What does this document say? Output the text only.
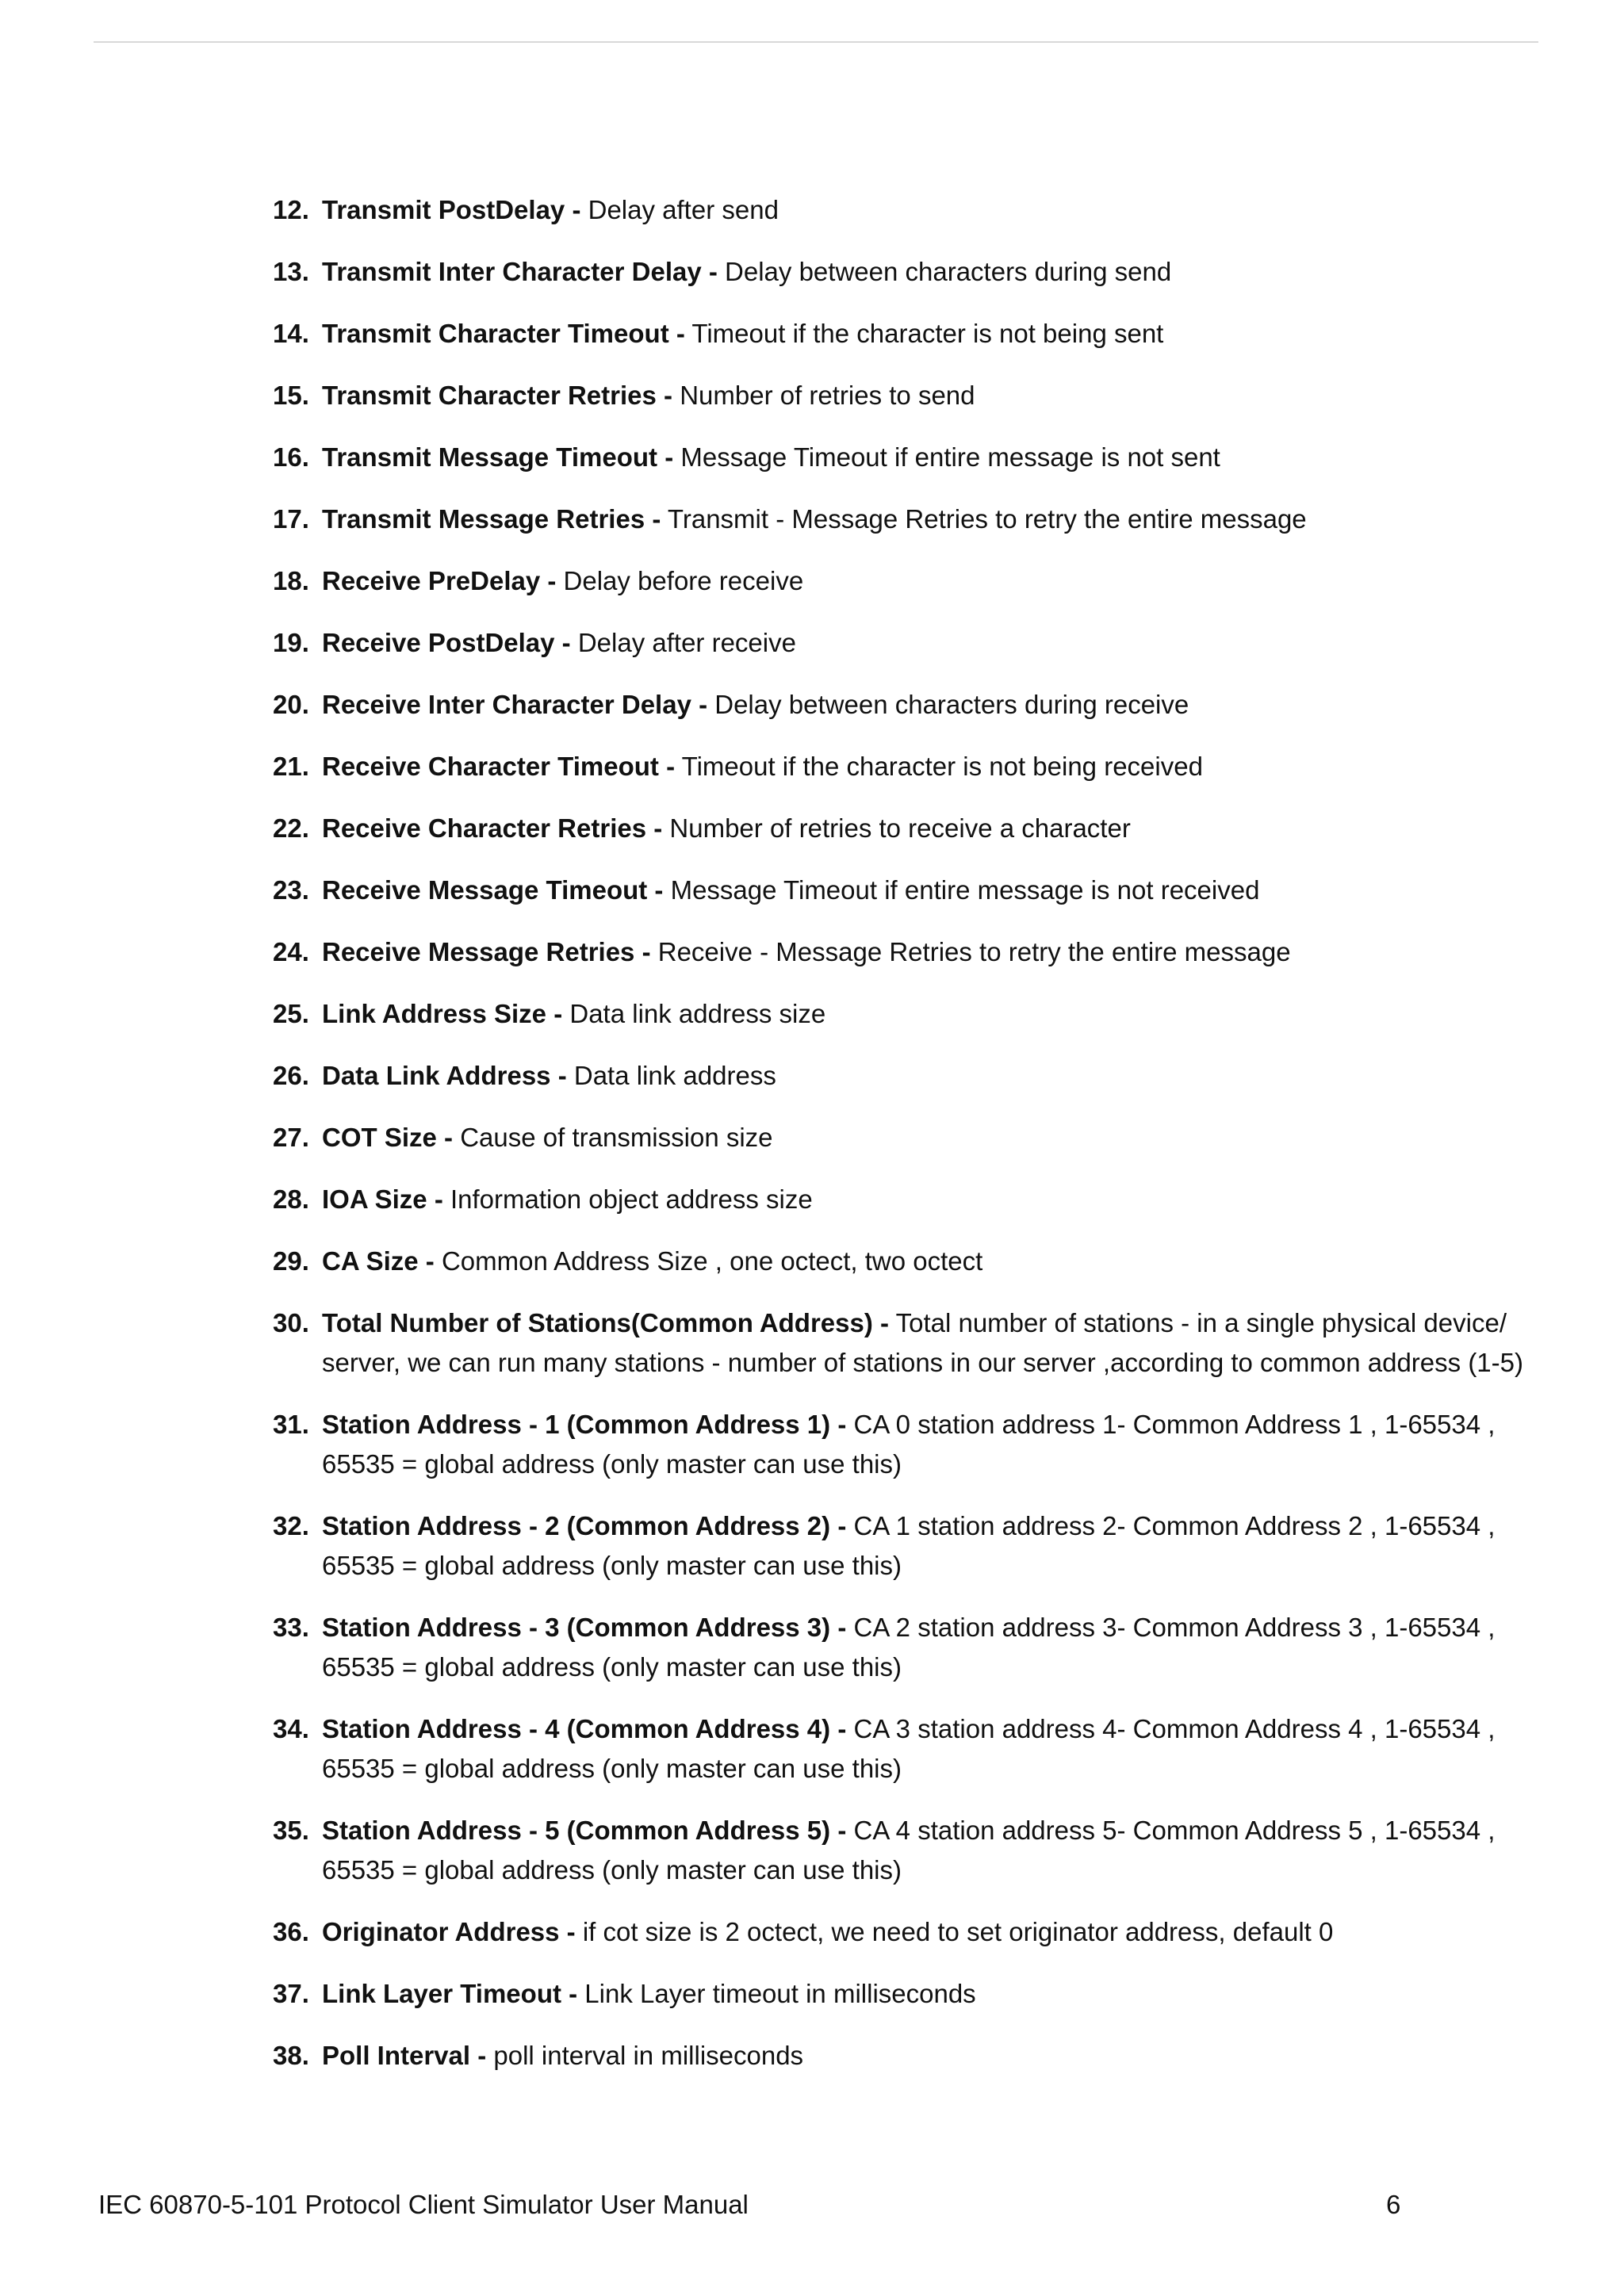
12. Transmit PostDelay - Delay after send
13. Transmit Inter Character Delay - Delay between characters during send
14. Transmit Character Timeout - Timeout if the character is not being sent
15. Transmit Character Retries - Number of retries to send
16. Transmit Message Timeout - Message Timeout if entire message is not sent
17. Transmit Message Retries - Transmit - Message Retries to retry the entire message
18. Receive PreDelay - Delay before receive
19. Receive PostDelay - Delay after receive
20. Receive Inter Character Delay - Delay between characters during receive
21. Receive Character Timeout - Timeout if the character is not being received
22. Receive Character Retries - Number of retries to receive a character
23. Receive Message Timeout - Message Timeout if entire message is not received
24. Receive Message Retries - Receive - Message Retries to retry the entire message
25. Link Address Size - Data link address size
26. Data Link Address - Data link address
27. COT Size - Cause of transmission size
28. IOA Size - Information object address size
29. CA Size - Common Address Size , one octect, two octect
30. Total Number of Stations(Common Address) - Total number of stations - in a single physical device/ server, we can run many stations - number of stations in our server ,according to common address (1-5)
31. Station Address - 1 (Common Address 1) - CA 0 station address 1- Common Address 1 , 1-65534 , 65535 = global address (only master can use this)
32. Station Address - 2 (Common Address 2) - CA 1 station address 2- Common Address 2 , 1-65534 , 65535 = global address (only master can use this)
33. Station Address - 3 (Common Address 3) - CA 2 station address 3- Common Address 3 , 1-65534 , 65535 = global address (only master can use this)
34. Station Address - 4 (Common Address 4) - CA 3 station address 4- Common Address 4 , 1-65534 , 65535 = global address (only master can use this)
35. Station Address - 5 (Common Address 5) - CA 4 station address 5- Common Address 5 , 1-65534 , 65535 = global address (only master can use this)
36. Originator Address - if cot size is 2 octect, we need to set originator address, default 0
37. Link Layer Timeout - Link Layer timeout in milliseconds
38. Poll Interval - poll interval in milliseconds
IEC 60870-5-101 Protocol Client Simulator User Manual	6
